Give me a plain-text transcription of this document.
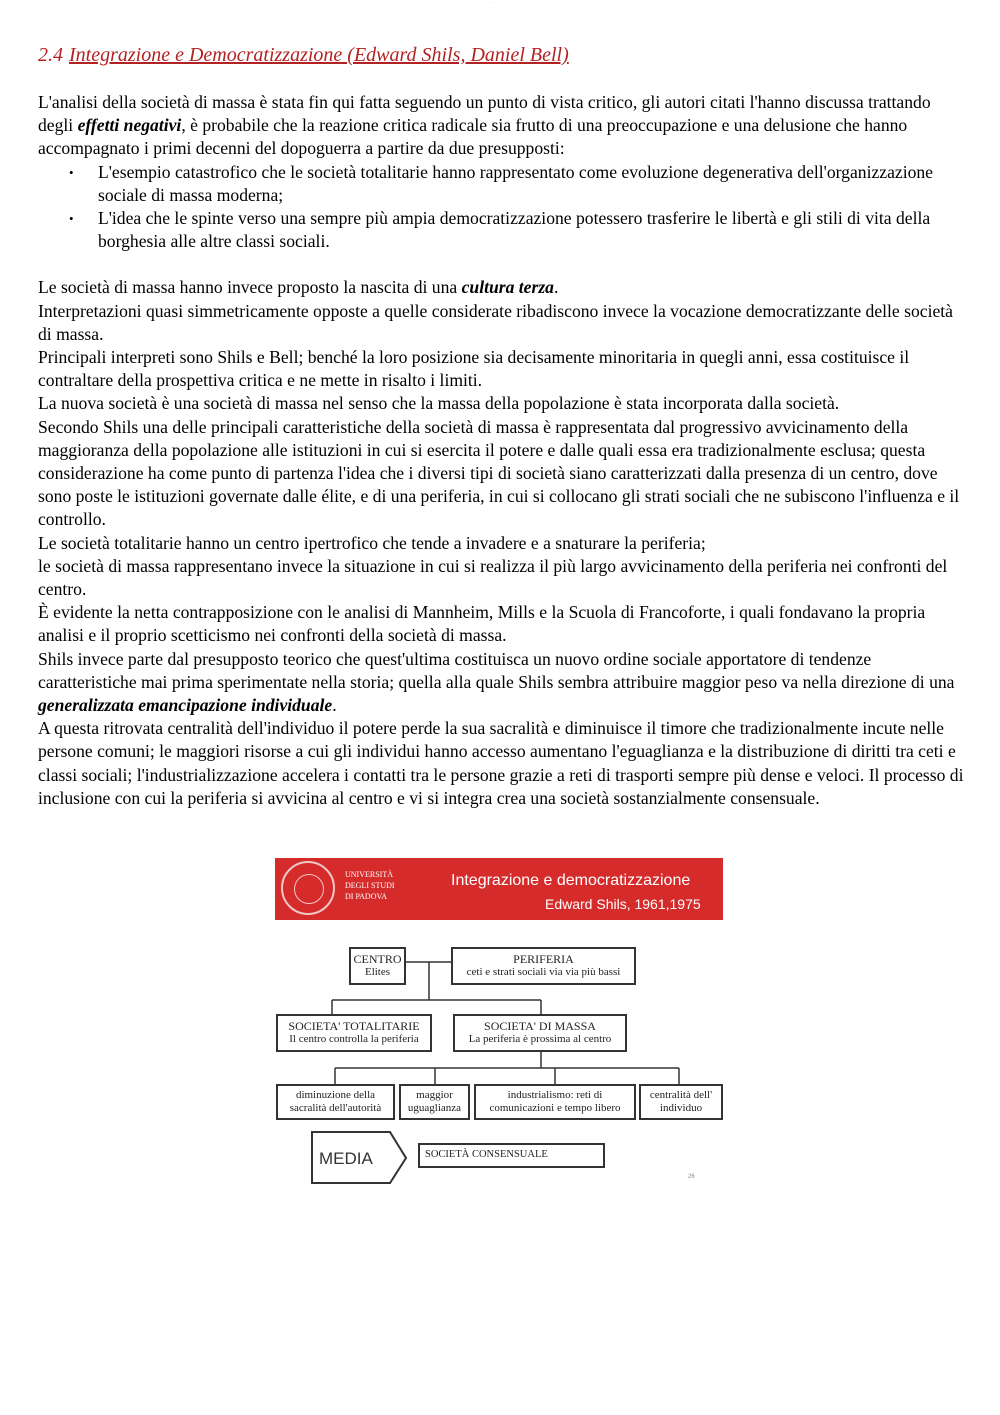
......
2.4 Integrazione e Democratizzazione (Edward Shils, Daniel Bell)

L'analisi della società di massa è stata fin qui fatta seguendo un punto di vista critico, gli autori citati l'hanno discussa trattando degli effetti negativi, è probabile che la reazione critica radicale sia frutto di una preoccupazione e una delusione che hanno accompagnato i primi decenni del dopoguerra a partire da due presupposti:

• L'esempio catastrofico che le società totalitarie hanno rappresentato come evoluzione degenerativa dell'organizzazione sociale di massa moderna;
• L'idea che le spinte verso una sempre più ampia democratizzazione potessero trasferire le libertà e gli stili di vita della borghesia alle altre classi sociali.

Le società di massa hanno invece proposto la nascita di una cultura terza.

Interpretazioni quasi simmetricamente opposte a quelle considerate ribadiscono invece la vocazione democratizzante delle società di massa.

Principali interpreti sono Shils e Bell; benché la loro posizione sia decisamente minoritaria in quegli anni, essa costituisce il contraltare della prospettiva critica e ne mette in risalto i limiti.

La nuova società è una società di massa nel senso che la massa della popolazione è stata incorporata dalla società.

Secondo Shils una delle principali caratteristiche della società di massa è rappresentata dal progressivo avvicinamento della maggioranza della popolazione alle istituzioni in cui si esercita il potere e dalle quali essa era tradizionalmente esclusa; questa considerazione ha come punto di partenza l'idea che i diversi tipi di società siano caratterizzati dalla presenza di un centro, dove sono poste le istituzioni governate dalle élite, e di una periferia, in cui si collocano gli strati sociali che ne subiscono l'influenza e il controllo.

Le società totalitarie hanno un centro ipertrofico che tende a invadere e a snaturare la periferia;

le società di massa rappresentano invece la situazione in cui si realizza il più largo avvicinamento della periferia nei confronti del centro.

È evidente la netta contrapposizione con le analisi di Mannheim, Mills e la Scuola di Francoforte, i quali fondavano la propria analisi e il proprio scetticismo nei confronti della società di massa.

Shils invece parte dal presupposto teorico che quest'ultima costituisca un nuovo ordine sociale apportatore di tendenze caratteristiche mai prima sperimentate nella storia; quella alla quale Shils sembra attribuire maggior peso va nella direzione di una generalizzata emancipazione individuale.

A questa ritrovata centralità dell'individuo il potere perde la sua sacralità e diminuisce il timore che tradizionalmente incute nelle persone comuni; le maggiori risorse a cui gli individui hanno accesso aumentano l'eguaglianza e la distribuzione di diritti tra ceti e classi sociali; l'industrializzazione accelera i contatti tra le persone grazie a reti di trasporti sempre più dense e veloci. Il processo di inclusione con cui la periferia si avvicina al centro e vi si integra crea una società sostanzialmente consensuale.

UNIVERSITÀ
DEGLI STUDI
DI PADOVA
Integrazione e democratizzazione
Edward Shils, 1961,1975
CENTRO
Elites
PERIFERIA
ceti e strati sociali via via più bassi
SOCIETA' TOTALITARIE
Il centro controlla la periferia
SOCIETA' DI MASSA
La periferia è prossima al centro
diminuzione della
sacralità dell'autorità
maggior
uguaglianza
industrialismo: reti di
comunicazioni e tempo libero
centralità dell'
individuo
MEDIA	SOCIETÀ CONSENSUALE
26
